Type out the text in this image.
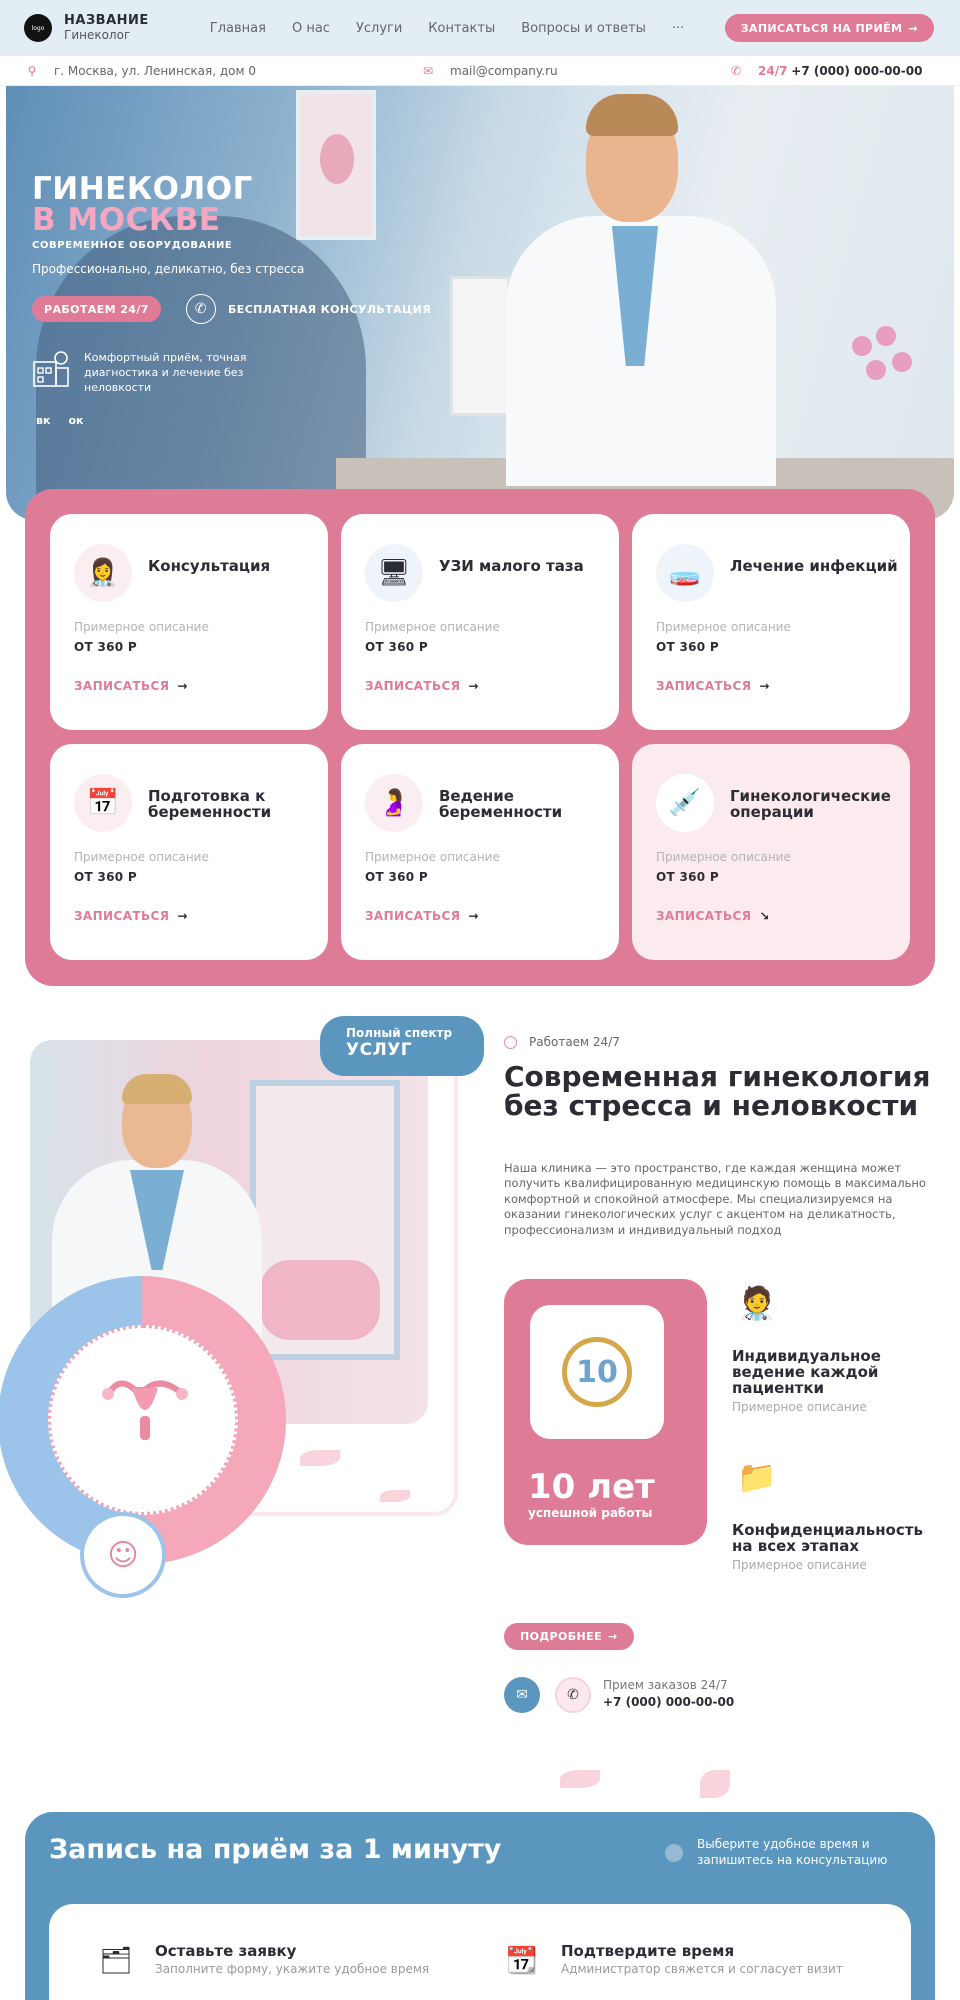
logo	НАЗВАНИЕ
Гинеколог	Главная	О нас	Услуги	Контакты	Вопросы и ответы	···	ЗАПИСАТЬСЯ НА ПРИЁМ →
⚲ г. Москва, ул. Ленинская, дом 0	✉ mail@company.ru	✆ 24/7 +7 (000) 000-00-00
ГИНЕКОЛОГ
В МОСКВЕ
СОВРЕМЕННОЕ ОБОРУДОВАНИЕ
Профессионально, деликатно, без стресса
РАБОТАЕМ 24/7	✆	БЕСПЛАТНАЯ КОНСУЛЬТАЦИЯ
Комфортный приём, точная диагностика и лечение без неловкости
вк ок
👩‍⚕️	Консультация
Примерное описание
ОТ 360 Р
ЗАПИСАТЬСЯ →
🖥	УЗИ малого таза
Примерное описание
ОТ 360 Р
ЗАПИСАТЬСЯ →
🧫	Лечение инфекций
Примерное описание
ОТ 360 Р
ЗАПИСАТЬСЯ →
📅	Подготовка к беременности
Примерное описание
ОТ 360 Р
ЗАПИСАТЬСЯ →
🤰	Ведение беременности
Примерное описание
ОТ 360 Р
ЗАПИСАТЬСЯ →
💉	Гинекологические операции
Примерное описание
ОТ 360 Р
ЗАПИСАТЬСЯ ↘
☺
Полный спектр
УСЛУГ	Работаем 24/7
Современная гинекология без стресса и неловкости
Наша клиника — это пространство, где каждая женщина может получить квалифицированную медицинскую помощь в максимально комфортной и спокойной атмосфере. Мы специализируемся на оказании гинекологических услуг с акцентом на деликатность, профессионализм и индивидуальный подход
10
10 лет
успешной работы
🧑‍⚕️
Индивидуальное ведение каждой пациентки
Примерное описание
📁
Конфиденциальность на всех этапах
Примерное описание
ПОДРОБНЕЕ →
✉	✆
Прием заказов 24/7
+7 (000) 000-00-00
Запись на приём за 1 минуту	Выберите удобное время и запишитесь на консультацию
🗂	Оставьте заявку
Заполните форму, укажите удобное время	📆	Подтвердите время
Администратор свяжется и согласует визит
